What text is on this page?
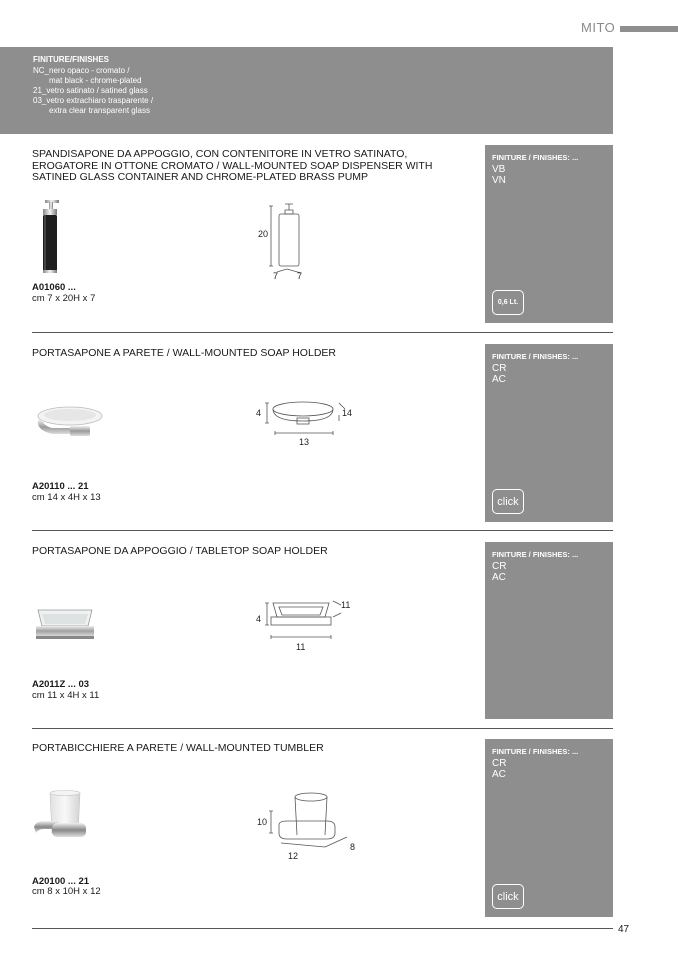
MITO
FINITURE/FINISHES
NC_nero opaco - cromato /
mat black - chrome-plated
21_vetro satinato / satined glass
03_vetro extrachiaro trasparente /
extra clear transparent glass
SPANDISAPONE DA APPOGGIO, CON CONTENITORE IN VETRO SATINATO, EROGATORE IN OTTONE CROMATO / WALL-MOUNTED SOAP DISPENSER WITH SATINED GLASS CONTAINER AND CHROME-PLATED BRASS PUMP
FINITURE / FINISHES: ...
VB
VN
0,6 Lt.
20
7 7
A01060 ...
cm 7 x 20H x 7
PORTASAPONE A PARETE / WALL-MOUNTED SOAP HOLDER	FINITURE / FINISHES: ...
CR
AC
click
4	14
13
A20110 ... 21
cm 14 x 4H x 13
PORTASAPONE DA APPOGGIO / TABLETOP SOAP HOLDER	FINITURE / FINISHES: ...
CR
AC
4
11
11
A2011Z ... 03
cm 11 x 4H x 11
PORTABICCHIERE A PARETE / WALL-MOUNTED TUMBLER	FINITURE / FINISHES: ...
CR
AC
click
10
12
8
A20100 ... 21
cm 8 x 10H x 12
47
